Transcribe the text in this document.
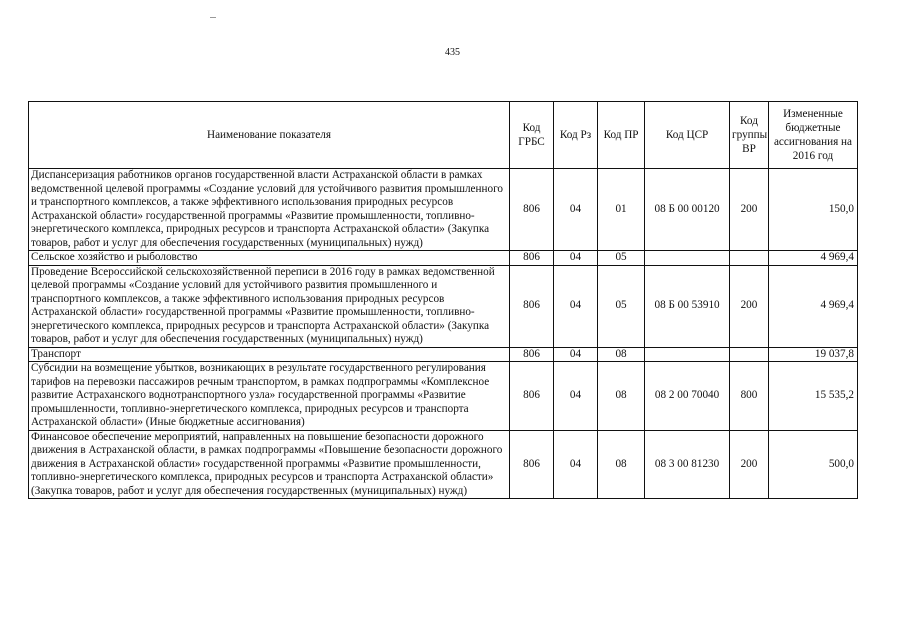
435
Наименование показателя	Код ГРБС	Код Рз	Код ПР	Код ЦСР	Код группы ВР	Измененные бюджетные ассигнования на 2016 год
Диспансеризация работников органов государственной власти Астраханской области в рамках ведомственной целевой программы «Создание условий для устойчивого развития промышленного и транспортного комплексов, а также эффективного использования природных ресурсов Астраханской области» государственной программы «Развитие промышленности, топливно-энергетического комплекса, природных ресурсов и транспорта Астраханской области» (Закупка товаров, работ и услуг для обеспечения государственных (муниципальных) нужд)	806	04	01	08 Б 00 00120	200	150,0
Сельское хозяйство и рыболовство	806	04	05			4 969,4
Проведение Всероссийской сельскохозяйственной переписи в 2016 году в рамках ведомственной целевой программы «Создание условий для устойчивого развития промышленного и транспортного комплексов, а также эффективного использования природных ресурсов Астраханской области» государственной программы «Развитие промышленности, топливно-энергетического комплекса, природных ресурсов и транспорта Астраханской области» (Закупка товаров, работ и услуг для обеспечения государственных (муниципальных) нужд)	806	04	05	08 Б 00 53910	200	4 969,4
Транспорт	806	04	08			19 037,8
Субсидии на возмещение убытков, возникающих в результате государственного регулирования тарифов на перевозки пассажиров речным транспортом, в рамках подпрограммы «Комплексное развитие Астраханского воднотранспортного узла» государственной программы «Развитие промышленности, топливно-энергетического комплекса, природных ресурсов и транспорта Астраханской области» (Иные бюджетные ассигнования)	806	04	08	08 2 00 70040	800	15 535,2
Финансовое обеспечение мероприятий, направленных на повышение безопасности дорожного движения в Астраханской области, в рамках подпрограммы «Повышение безопасности дорожного движения в Астраханской области» государственной программы «Развитие промышленности, топливно-энергетического комплекса, природных ресурсов и транспорта Астраханской области» (Закупка товаров, работ и услуг для обеспечения государственных (муниципальных) нужд)	806	04	08	08 3 00 81230	200	500,0
